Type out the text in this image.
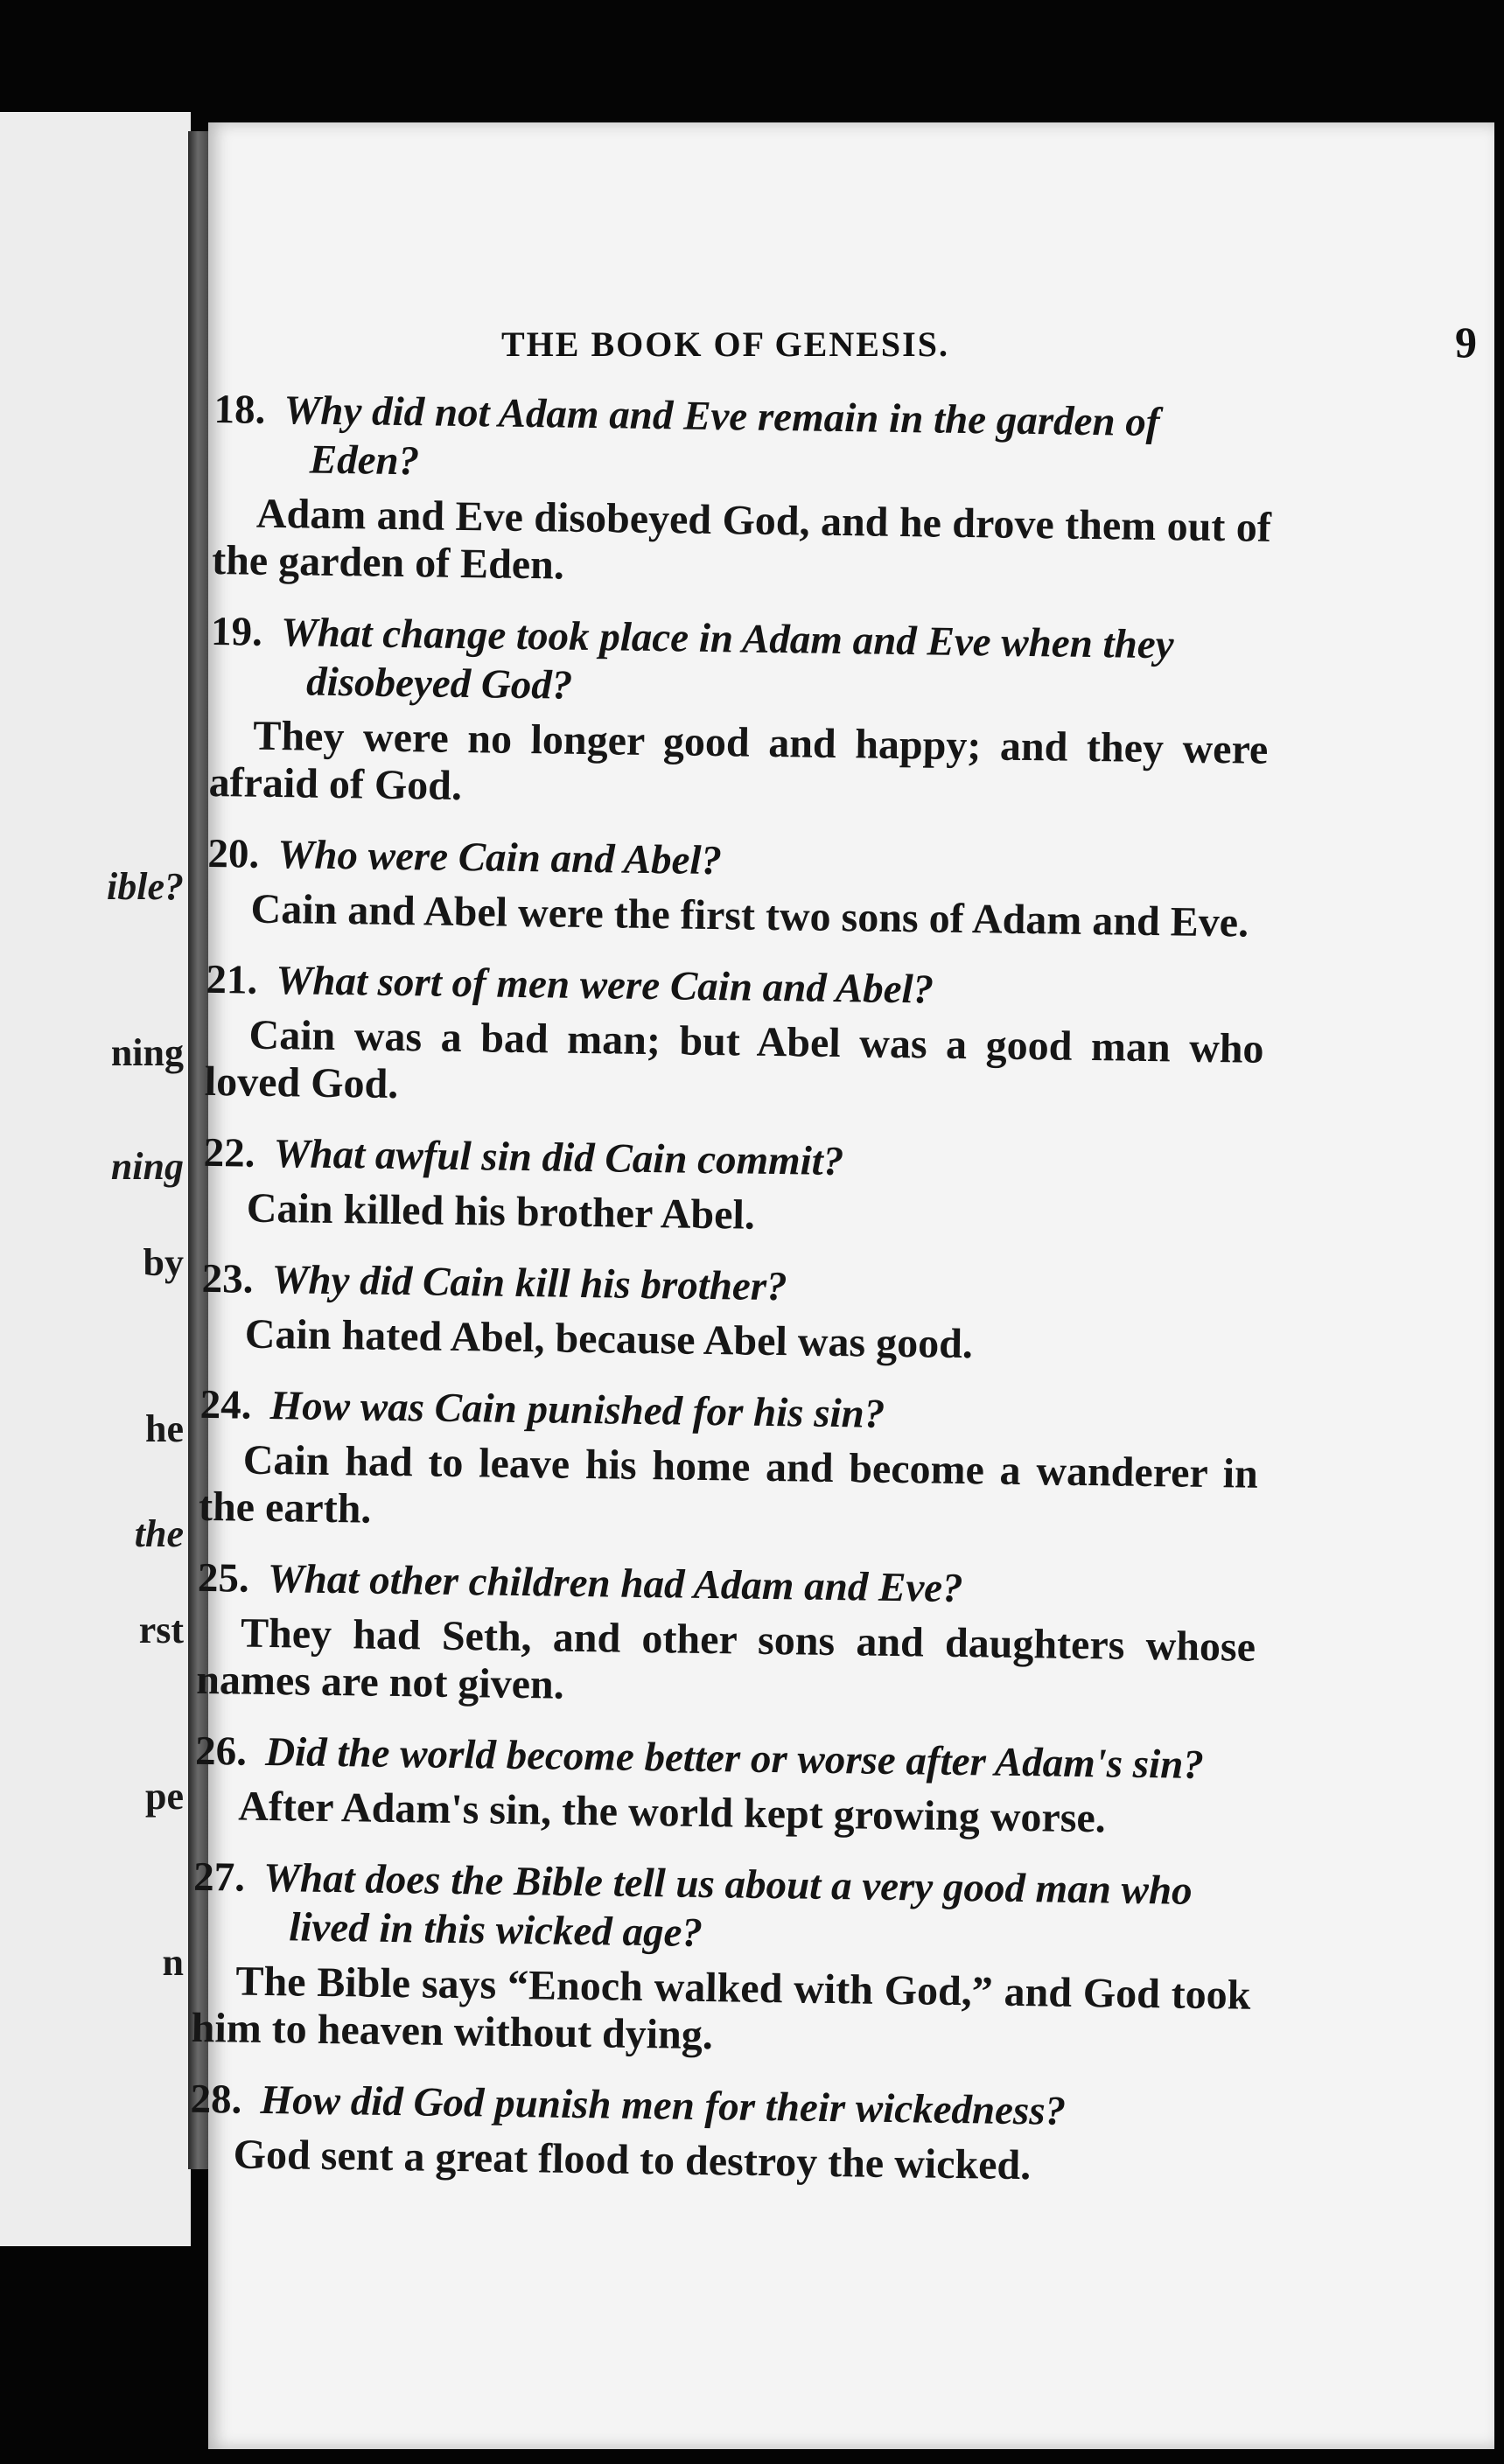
ible?
ning
ning
by
he
the
rst
pe
n
THE BOOK OF GENESIS.	9
18. Why did not Adam and Eve remain in the garden of Eden?
Adam and Eve disobeyed God, and he drove them out of the garden of Eden.
19. What change took place in Adam and Eve when they disobeyed God?
They were no longer good and happy; and they were afraid of God.
20. Who were Cain and Abel?
Cain and Abel were the first two sons of Adam and Eve.
21. What sort of men were Cain and Abel?
Cain was a bad man; but Abel was a good man who loved God.
22. What awful sin did Cain commit?
Cain killed his brother Abel.
23. Why did Cain kill his brother?
Cain hated Abel, because Abel was good.
24. How was Cain punished for his sin?
Cain had to leave his home and become a wanderer in the earth.
25. What other children had Adam and Eve?
They had Seth, and other sons and daughters whose names are not given.
26. Did the world become better or worse after Adam's sin?
After Adam's sin, the world kept growing worse.
27. What does the Bible tell us about a very good man who lived in this wicked age?
The Bible says “Enoch walked with God,” and God took him to heaven without dying.
28. How did God punish men for their wickedness?
God sent a great flood to destroy the wicked.
